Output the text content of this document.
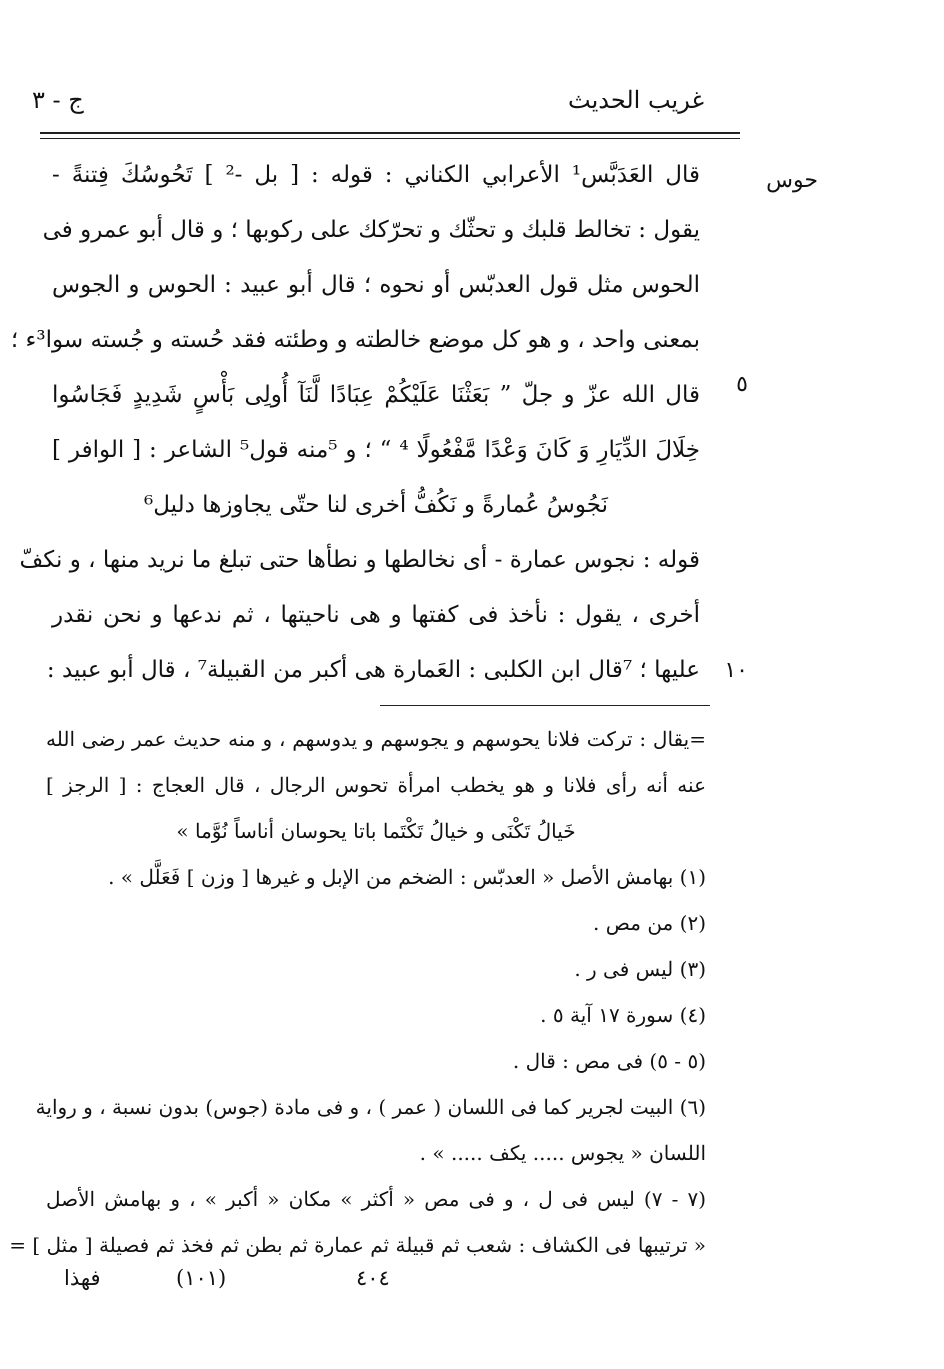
غريب الحديث
ج - ٣
حوس
٥
١٠
قال العَدَبَّس¹ الأعرابي الكناني : قوله : [ بل -² ] تَحُوسُكَ فِتنةً -
يقول : تخالط قلبك و تحثّك و تحرّكك على ركوبها ؛ و قال أبو عمرو فى
الحوس مثل قول العدبّس أو نحوه ؛ قال أبو عبيد : الحوس و الجوس
بمعنى واحد ، و هو كل موضع خالطته و وطئته فقد حُسته و جُسته سوا³ء ؛
قال الله عزّ و جلّ ” بَعَثْنَا عَلَيْكُمْ عِبَادًا لَّنَآ أُولِى بَأْسٍ شَدِيدٍ فَجَاسُوا
خِلَالَ الدِّيَارِ وَ كَانَ وَعْدًا مَّفْعُولًا ⁴ “ ؛ و ⁵منه قول⁵ الشاعر : [ الوافر ]
نَجُوسُ عُمارةً و نَكُفُّ أخرى لنا حتّى يجاوزها دليل⁶
قوله : نجوس عمارة - أى نخالطها و نطأها حتى تبلغ ما نريد منها ، و نكفّ
أخرى ، يقول : نأخذ فى كفتها و هى ناحيتها ، ثم ندعها و نحن نقدر
عليها ؛ ⁷قال ابن الكلبى : العَمارة هى أكبر من القبيلة⁷ ، قال أبو عبيد :
=يقال : تركت فلانا يحوسهم و يجوسهم و يدوسهم ، و منه حديث عمر رضى الله
عنه أنه رأى فلانا و هو يخطب امرأة تحوس الرجال ، قال العجاج : [ الرجز ]
خَيالُ تَكْنَى و خيالُ تَكْتَما باتا يحوسان أناساً نُوَّما »
(١) بهامش الأصل « العدبّس : الضخم من الإبل و غيرها [ وزن ] فَعَلَّل » .
(٢) من مص .
(٣) ليس فى ر .
(٤) سورة ١٧ آية ٥ .
(٥ - ٥) فى مص : قال .
(٦) البيت لجرير كما فى اللسان ( عمر ) ، و فى مادة (جوس) بدون نسبة ، و رواية
اللسان « يجوس ..... يكف ..... » .
(٧ - ٧) ليس فى ل ، و فى مص « أكثر » مكان « أكبر » ، و بهامش الأصل
« ترتيبها فى الكشاف : شعب ثم قبيلة ثم عمارة ثم بطن ثم فخذ ثم فصيلة [ مثل ] =
٤٠٤
(١٠١)
فهذا
